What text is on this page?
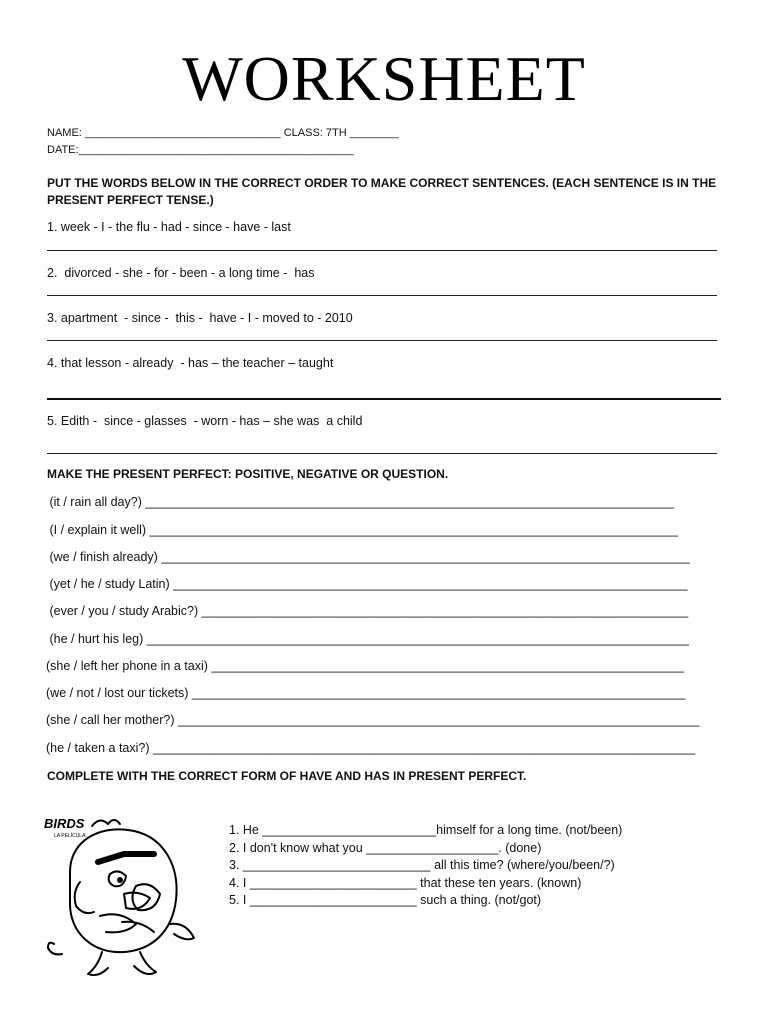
WORKSHEET
NAME: ________________________________ CLASS: 7TH ________
DATE:_____________________________________________
PUT THE WORDS BELOW IN THE CORRECT ORDER TO MAKE CORRECT SENTENCES. (EACH SENTENCE IS IN THE
PRESENT PERFECT TENSE.)
1. week - I - the flu - had - since - have - last
2.  divorced - she - for - been - a long time -  has
3. apartment  - since -  this -  have - I - moved to - 2010
4. that lesson - already  - has – the teacher – taught
5. Edith -  since - glasses  - worn - has – she was  a child
MAKE THE PRESENT PERFECT: POSITIVE, NEGATIVE OR QUESTION.
(it / rain all day?) ____________________________________________________________________________
(I / explain it well) ____________________________________________________________________________
(we / finish already) ____________________________________________________________________________
(yet / he / study Latin) __________________________________________________________________________
(ever / you / study Arabic?) ______________________________________________________________________
(he / hurt his leg) ______________________________________________________________________________
(she / left her phone in a taxi) ____________________________________________________________________
(we / not / lost our tickets) _______________________________________________________________________
(she / call her mother?) ___________________________________________________________________________
(he / taken a taxi?) ______________________________________________________________________________
COMPLETE WITH THE CORRECT FORM OF HAVE AND HAS IN PRESENT PERFECT.
1. He _________________________himself for a long time. (not/been)
2. I don't know what you ___________________. (done)
3. ___________________________ all this time? (where/you/been/?)
4. I ________________________ that these ten years. (known)
5. I ________________________ such a thing. (not/got)
BIRDS
LA PELÍCULA
